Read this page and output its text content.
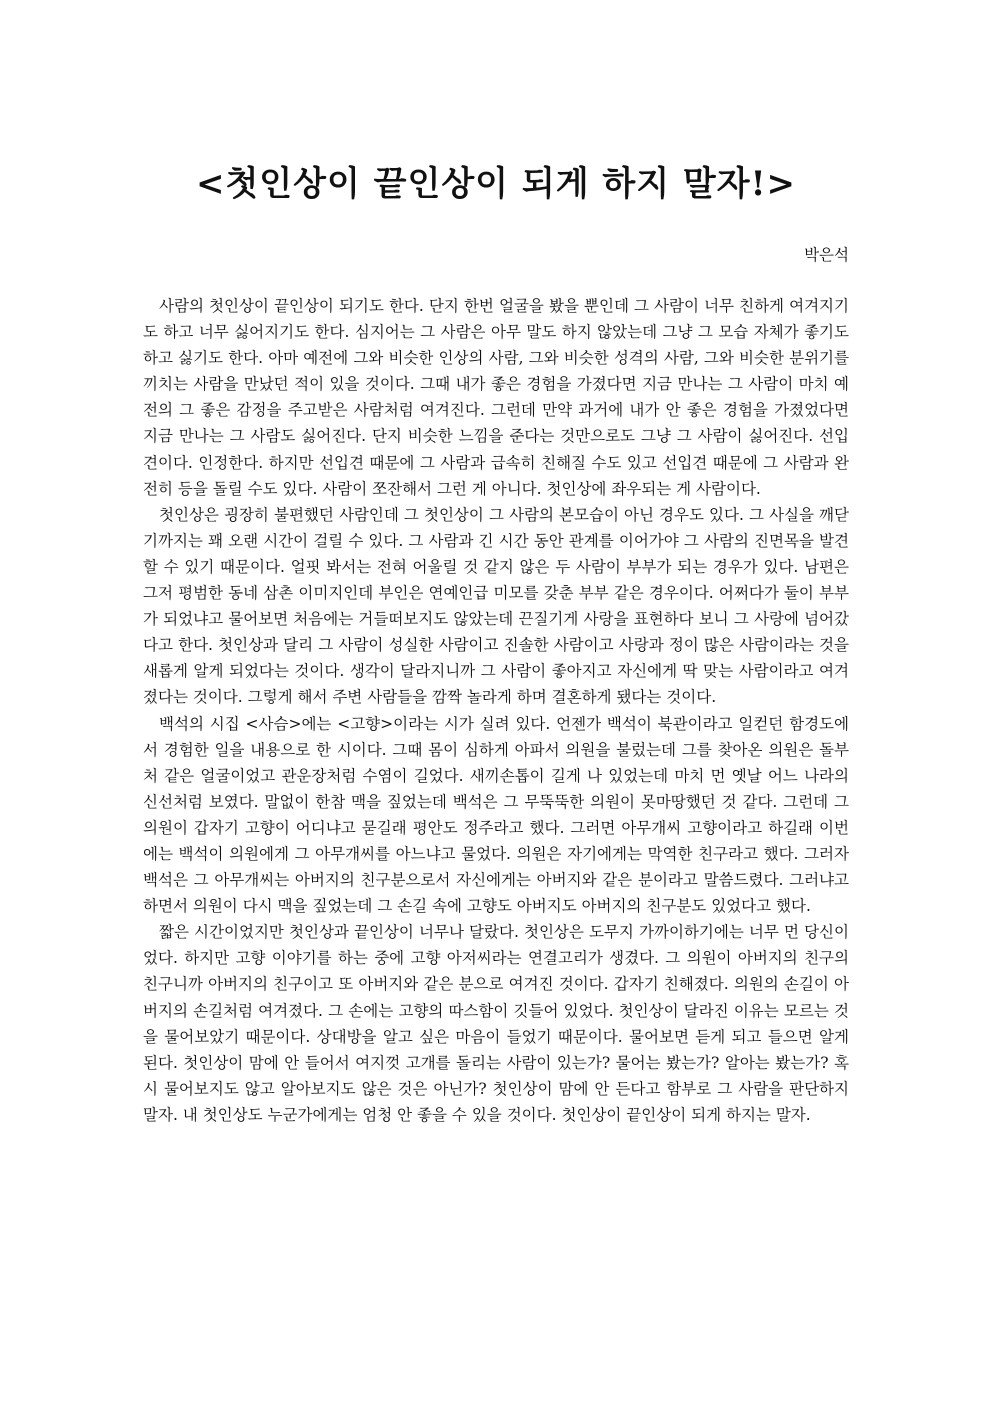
<첫인상이 끝인상이 되게 하지 말자!>
박은석

사람의 첫인상이 끝인상이 되기도 한다. 단지 한번 얼굴을 봤을 뿐인데 그 사람이 너무 친하게 여겨지기도 하고 너무 싫어지기도 한다. 심지어는 그 사람은 아무 말도 하지 않았는데 그냥 그 모습 자체가 좋기도 하고 싫기도 한다. 아마 예전에 그와 비슷한 인상의 사람, 그와 비슷한 성격의 사람, 그와 비슷한 분위기를 끼치는 사람을 만났던 적이 있을 것이다. 그때 내가 좋은 경험을 가졌다면 지금 만나는 그 사람이 마치 예전의 그 좋은 감정을 주고받은 사람처럼 여겨진다. 그런데 만약 과거에 내가 안 좋은 경험을 가졌었다면 지금 만나는 그 사람도 싫어진다. 단지 비슷한 느낌을 준다는 것만으로도 그냥 그 사람이 싫어진다. 선입견이다. 인정한다. 하지만 선입견 때문에 그 사람과 급속히 친해질 수도 있고 선입견 때문에 그 사람과 완전히 등을 돌릴 수도 있다. 사람이 쪼잔해서 그런 게 아니다. 첫인상에 좌우되는 게 사람이다.

첫인상은 굉장히 불편했던 사람인데 그 첫인상이 그 사람의 본모습이 아닌 경우도 있다. 그 사실을 깨닫기까지는 꽤 오랜 시간이 걸릴 수 있다. 그 사람과 긴 시간 동안 관계를 이어가야 그 사람의 진면목을 발견할 수 있기 때문이다. 얼핏 봐서는 전혀 어울릴 것 같지 않은 두 사람이 부부가 되는 경우가 있다. 남편은 그저 평범한 동네 삼촌 이미지인데 부인은 연예인급 미모를 갖춘 부부 같은 경우이다. 어쩌다가 둘이 부부가 되었냐고 물어보면 처음에는 거들떠보지도 않았는데 끈질기게 사랑을 표현하다 보니 그 사랑에 넘어갔다고 한다. 첫인상과 달리 그 사람이 성실한 사람이고 진솔한 사람이고 사랑과 정이 많은 사람이라는 것을 새롭게 알게 되었다는 것이다. 생각이 달라지니까 그 사람이 좋아지고 자신에게 딱 맞는 사람이라고 여겨졌다는 것이다. 그렇게 해서 주변 사람들을 깜짝 놀라게 하며 결혼하게 됐다는 것이다.

백석의 시집 <사슴>에는 <고향>이라는 시가 실려 있다. 언젠가 백석이 북관이라고 일컫던 함경도에서 경험한 일을 내용으로 한 시이다. 그때 몸이 심하게 아파서 의원을 불렀는데 그를 찾아온 의원은 돌부처 같은 얼굴이었고 관운장처럼 수염이 길었다. 새끼손톱이 길게 나 있었는데 마치 먼 옛날 어느 나라의 신선처럼 보였다. 말없이 한참 맥을 짚었는데 백석은 그 무뚝뚝한 의원이 못마땅했던 것 같다. 그런데 그 의원이 갑자기 고향이 어디냐고 묻길래 평안도 정주라고 했다. 그러면 아무개씨 고향이라고 하길래 이번에는 백석이 의원에게 그 아무개씨를 아느냐고 물었다. 의원은 자기에게는 막역한 친구라고 했다. 그러자 백석은 그 아무개씨는 아버지의 친구분으로서 자신에게는 아버지와 같은 분이라고 말씀드렸다. 그러냐고 하면서 의원이 다시 맥을 짚었는데 그 손길 속에 고향도 아버지도 아버지의 친구분도 있었다고 했다.

짧은 시간이었지만 첫인상과 끝인상이 너무나 달랐다. 첫인상은 도무지 가까이하기에는 너무 먼 당신이었다. 하지만 고향 이야기를 하는 중에 고향 아저씨라는 연결고리가 생겼다. 그 의원이 아버지의 친구의 친구니까 아버지의 친구이고 또 아버지와 같은 분으로 여겨진 것이다. 갑자기 친해졌다. 의원의 손길이 아버지의 손길처럼 여겨졌다. 그 손에는 고향의 따스함이 깃들어 있었다. 첫인상이 달라진 이유는 모르는 것을 물어보았기 때문이다. 상대방을 알고 싶은 마음이 들었기 때문이다. 물어보면 듣게 되고 들으면 알게 된다. 첫인상이 맘에 안 들어서 여지껏 고개를 돌리는 사람이 있는가? 물어는 봤는가? 알아는 봤는가? 혹시 물어보지도 않고 알아보지도 않은 것은 아닌가? 첫인상이 맘에 안 든다고 함부로 그 사람을 판단하지 말자. 내 첫인상도 누군가에게는 엄청 안 좋을 수 있을 것이다. 첫인상이 끝인상이 되게 하지는 말자.
